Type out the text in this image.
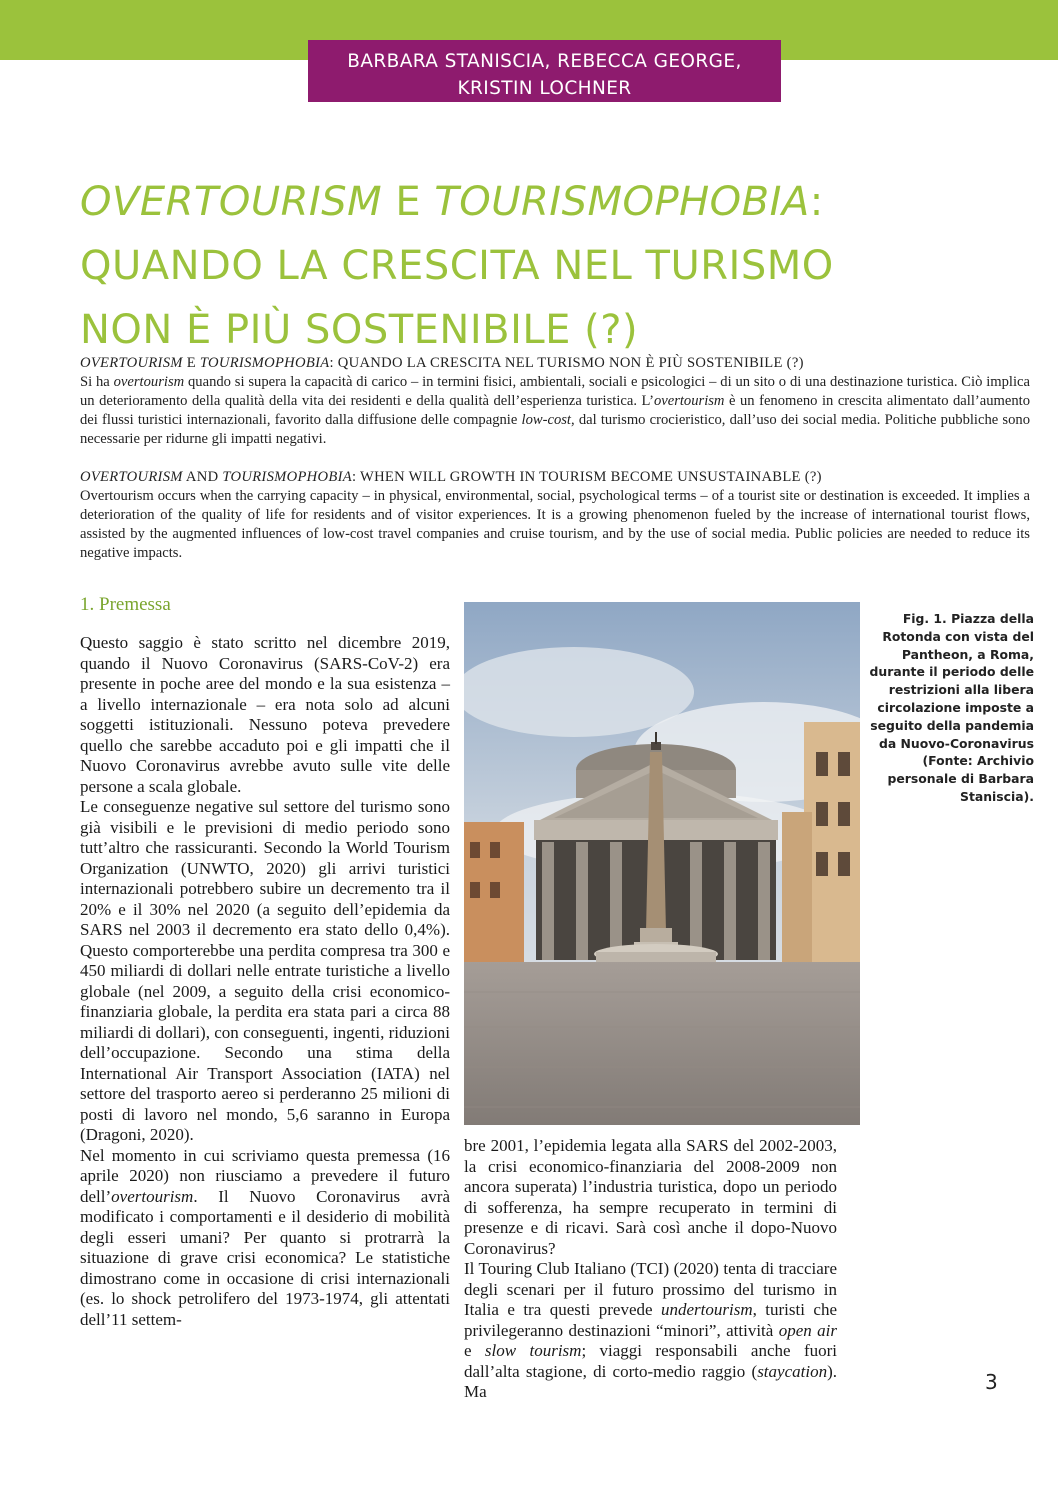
BARBARA STANISCIA, REBECCA GEORGE,
KRISTIN LOCHNER
OVERTOURISM E TOURISMOPHOBIA:
QUANDO LA CRESCITA NEL TURISMO
NON È PIÙ SOSTENIBILE (?)
OVERTOURISM E TOURISMOPHOBIA: QUANDO LA CRESCITA NEL TURISMO NON È PIÙ SOSTENIBILE (?)
Si ha overtourism quando si supera la capacità di carico – in termini fisici, ambientali, sociali e psicologici – di un sito o di una destinazione turistica. Ciò implica un deterioramento della qualità della vita dei residenti e della qualità dell’esperienza turistica. L’overtourism è un fenomeno in crescita alimentato dall’aumento dei flussi turistici internazionali, favorito dalla diffusione delle compagnie low-cost, dal turismo crocieristico, dall’uso dei social media. Politiche pubbliche sono necessarie per ridurne gli impatti negativi.
OVERTOURISM AND TOURISMOPHOBIA: WHEN WILL GROWTH IN TOURISM BECOME UNSUSTAINABLE (?)
Overtourism occurs when the carrying capacity – in physical, environmental, social, psychological terms – of a tourist site or destination is exceeded. It implies a deterioration of the quality of life for residents and of visitor experiences. It is a growing phenomenon fueled by the increase of international tourist flows, assisted by the augmented influences of low-cost travel companies and cruise tourism, and by the use of social media. Public policies are needed to reduce its negative impacts.
1. Premessa

Questo saggio è stato scritto nel dicembre 2019, quando il Nuovo Coronavirus (SARS-CoV-2) era presente in poche aree del mondo e la sua esistenza – a livello internazionale – era nota solo ad alcuni soggetti istituzionali. Nessuno poteva prevedere quello che sarebbe accaduto poi e gli impatti che il Nuovo Coronavirus avrebbe avuto sulle vite delle persone a scala globale.

Le conseguenze negative sul settore del turismo sono già visibili e le previsioni di medio periodo sono tutt’altro che rassicuranti. Secondo la World Tourism Organization (UNWTO, 2020) gli arrivi turistici internazionali potrebbero subire un decremento tra il 20% e il 30% nel 2020 (a seguito dell’epidemia da SARS nel 2003 il decremento era stato dello 0,4%). Questo comporterebbe una perdita compresa tra 300 e 450 miliardi di dollari nelle entrate turistiche a livello globale (nel 2009, a seguito della crisi economico-finanziaria globale, la perdita era stata pari a circa 88 miliardi di dollari), con conseguenti, ingenti, riduzioni dell’occupazione. Secondo una stima della International Air Transport Association (IATA) nel settore del trasporto aereo si perderanno 25 milioni di posti di lavoro nel mondo, 5,6 saranno in Europa (Dragoni, 2020).

Nel momento in cui scriviamo questa premessa (16 aprile 2020) non riusciamo a prevedere il futuro dell’overtourism. Il Nuovo Coronavirus avrà modificato i comportamenti e il desiderio di mobilità degli esseri umani? Per quanto si protrarrà la situazione di grave crisi economica? Le statistiche dimostrano come in occasione di crisi internazionali (es. lo shock petrolifero del 1973-1974, gli attentati dell’11 settem-

Fig. 1. Piazza della Rotonda con vista del Pantheon, a Roma, durante il periodo delle restrizioni alla libera circolazione imposte a seguito della pandemia da Nuovo-Coronavirus (Fonte: Archivio personale di Barbara Staniscia).

bre 2001, l’epidemia legata alla SARS del 2002-2003, la crisi economico-finanziaria del 2008-2009 non ancora superata) l’industria turistica, dopo un periodo di sofferenza, ha sempre recuperato in termini di presenze e di ricavi. Sarà così anche il dopo-Nuovo Coronavirus?

Il Touring Club Italiano (TCI) (2020) tenta di tracciare degli scenari per il futuro prossimo del turismo in Italia e tra questi prevede undertourism, turisti che privilegeranno destinazioni “minori”, attività open air e slow tourism; viaggi responsabili anche fuori dall’alta stagione, di corto-medio raggio (staycation). Ma	3
